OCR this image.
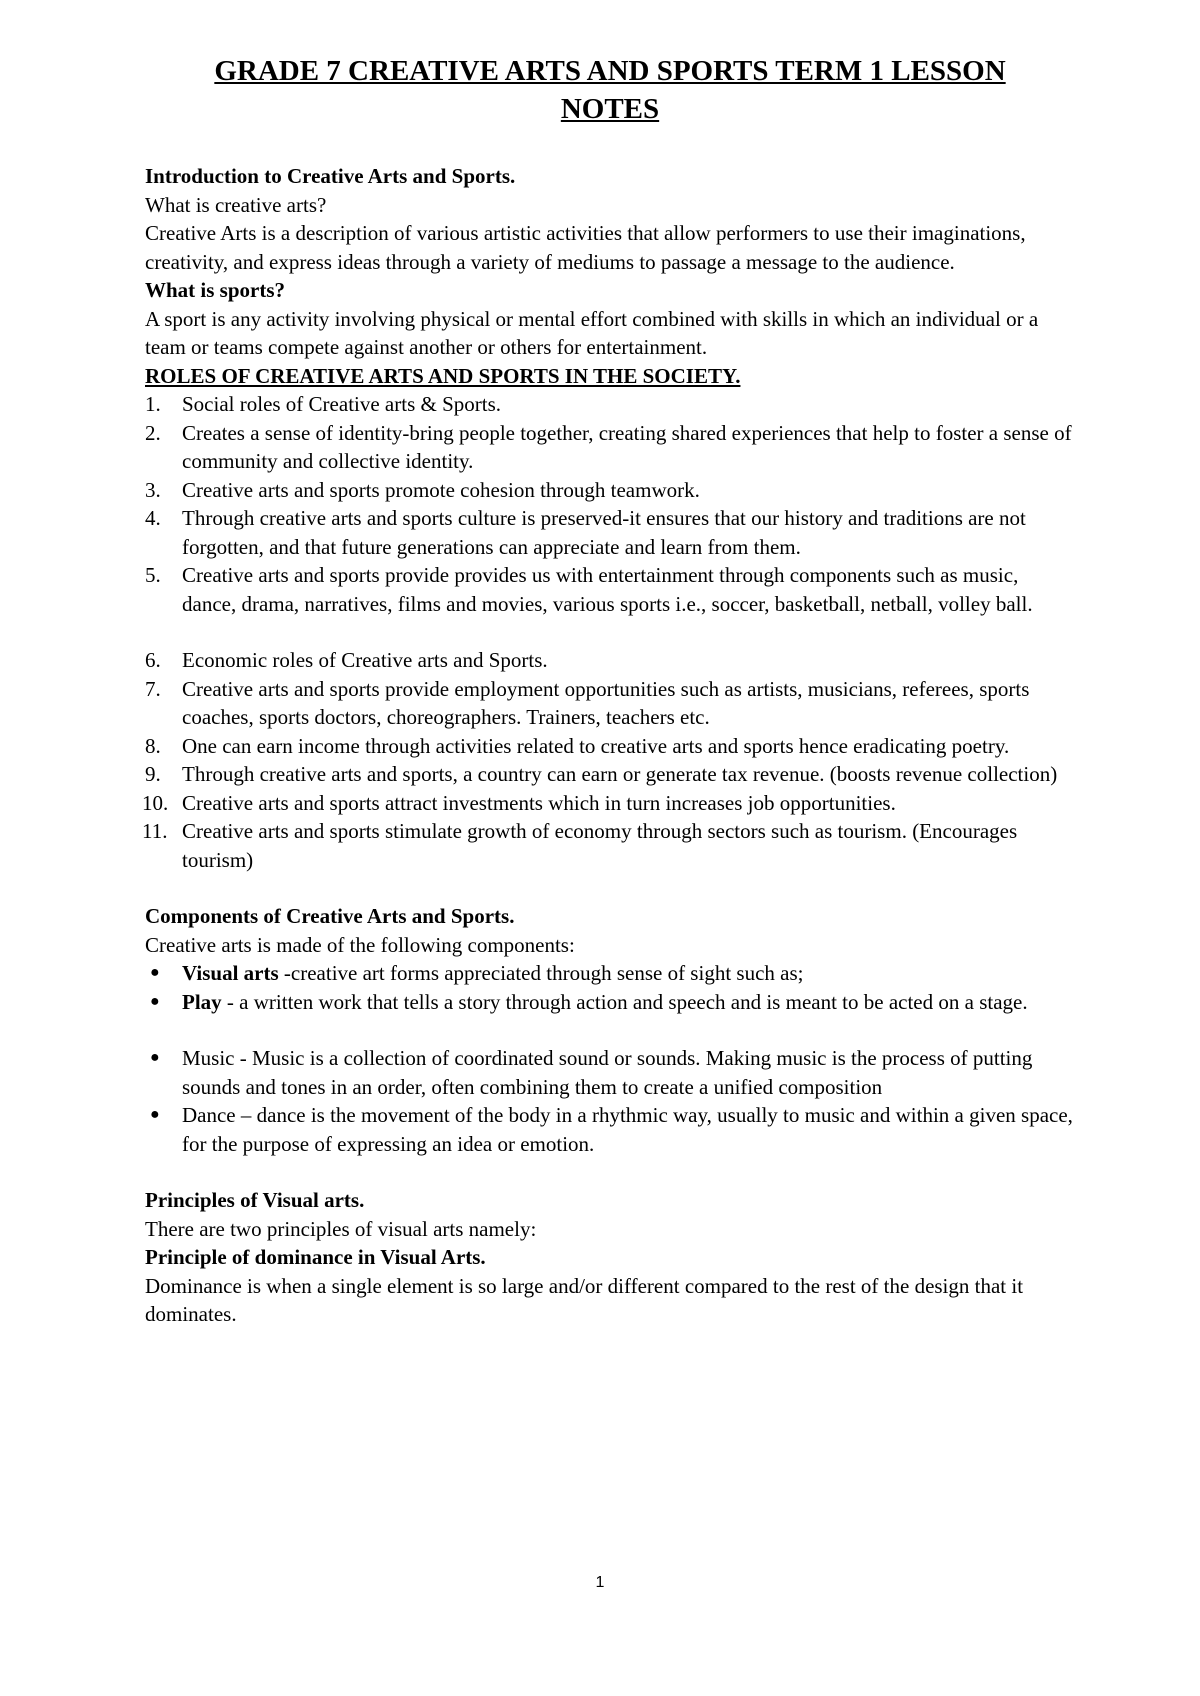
GRADE 7 CREATIVE ARTS AND SPORTS TERM 1 LESSON NOTES

Introduction to Creative Arts and Sports.

What is creative arts?

Creative Arts is a description of various artistic activities that allow performers to use their imaginations, creativity, and express ideas through a variety of mediums to passage a message to the audience.

What is sports?

A sport is any activity involving physical or mental effort combined with skills in which an individual or a team or teams compete against another or others for entertainment.

ROLES OF CREATIVE ARTS AND SPORTS IN THE SOCIETY.

1.	Social roles of Creative arts & Sports.
2.	Creates a sense of identity-bring people together, creating shared experiences that help to foster a sense of community and collective identity.
3.	Creative arts and sports promote cohesion through teamwork.
4.	Through creative arts and sports culture is preserved-it ensures that our history and traditions are not forgotten, and that future generations can appreciate and learn from them.
5.	Creative arts and sports provide provides us with entertainment through components such as music, dance, drama, narratives, films and movies, various sports i.e., soccer, basketball, netball, volley ball.
6.	Economic roles of Creative arts and Sports.
7.	Creative arts and sports provide employment opportunities such as artists, musicians, referees, sports coaches, sports doctors, choreographers. Trainers, teachers etc.
8.	One can earn income through activities related to creative arts and sports hence eradicating poetry.
9.	Through creative arts and sports, a country can earn or generate tax revenue. (boosts revenue collection)
10. Creative arts and sports attract investments which in turn increases job opportunities.
11. Creative arts and sports stimulate growth of economy through sectors such as tourism. (Encourages tourism)

Components of Creative Arts and Sports.

Creative arts is made of the following components:

● Visual arts -creative art forms appreciated through sense of sight such as;
● Play - a written work that tells a story through action and speech and is meant to be acted on a stage.
● Music - Music is a collection of coordinated sound or sounds. Making music is the process of putting sounds and tones in an order, often combining them to create a unified composition
● Dance – dance is the movement of the body in a rhythmic way, usually to music and within a given space, for the purpose of expressing an idea or emotion.

Principles of Visual arts.

There are two principles of visual arts namely:

Principle of dominance in Visual Arts.

Dominance is when a single element is so large and/or different compared to the rest of the design that it dominates.

1
